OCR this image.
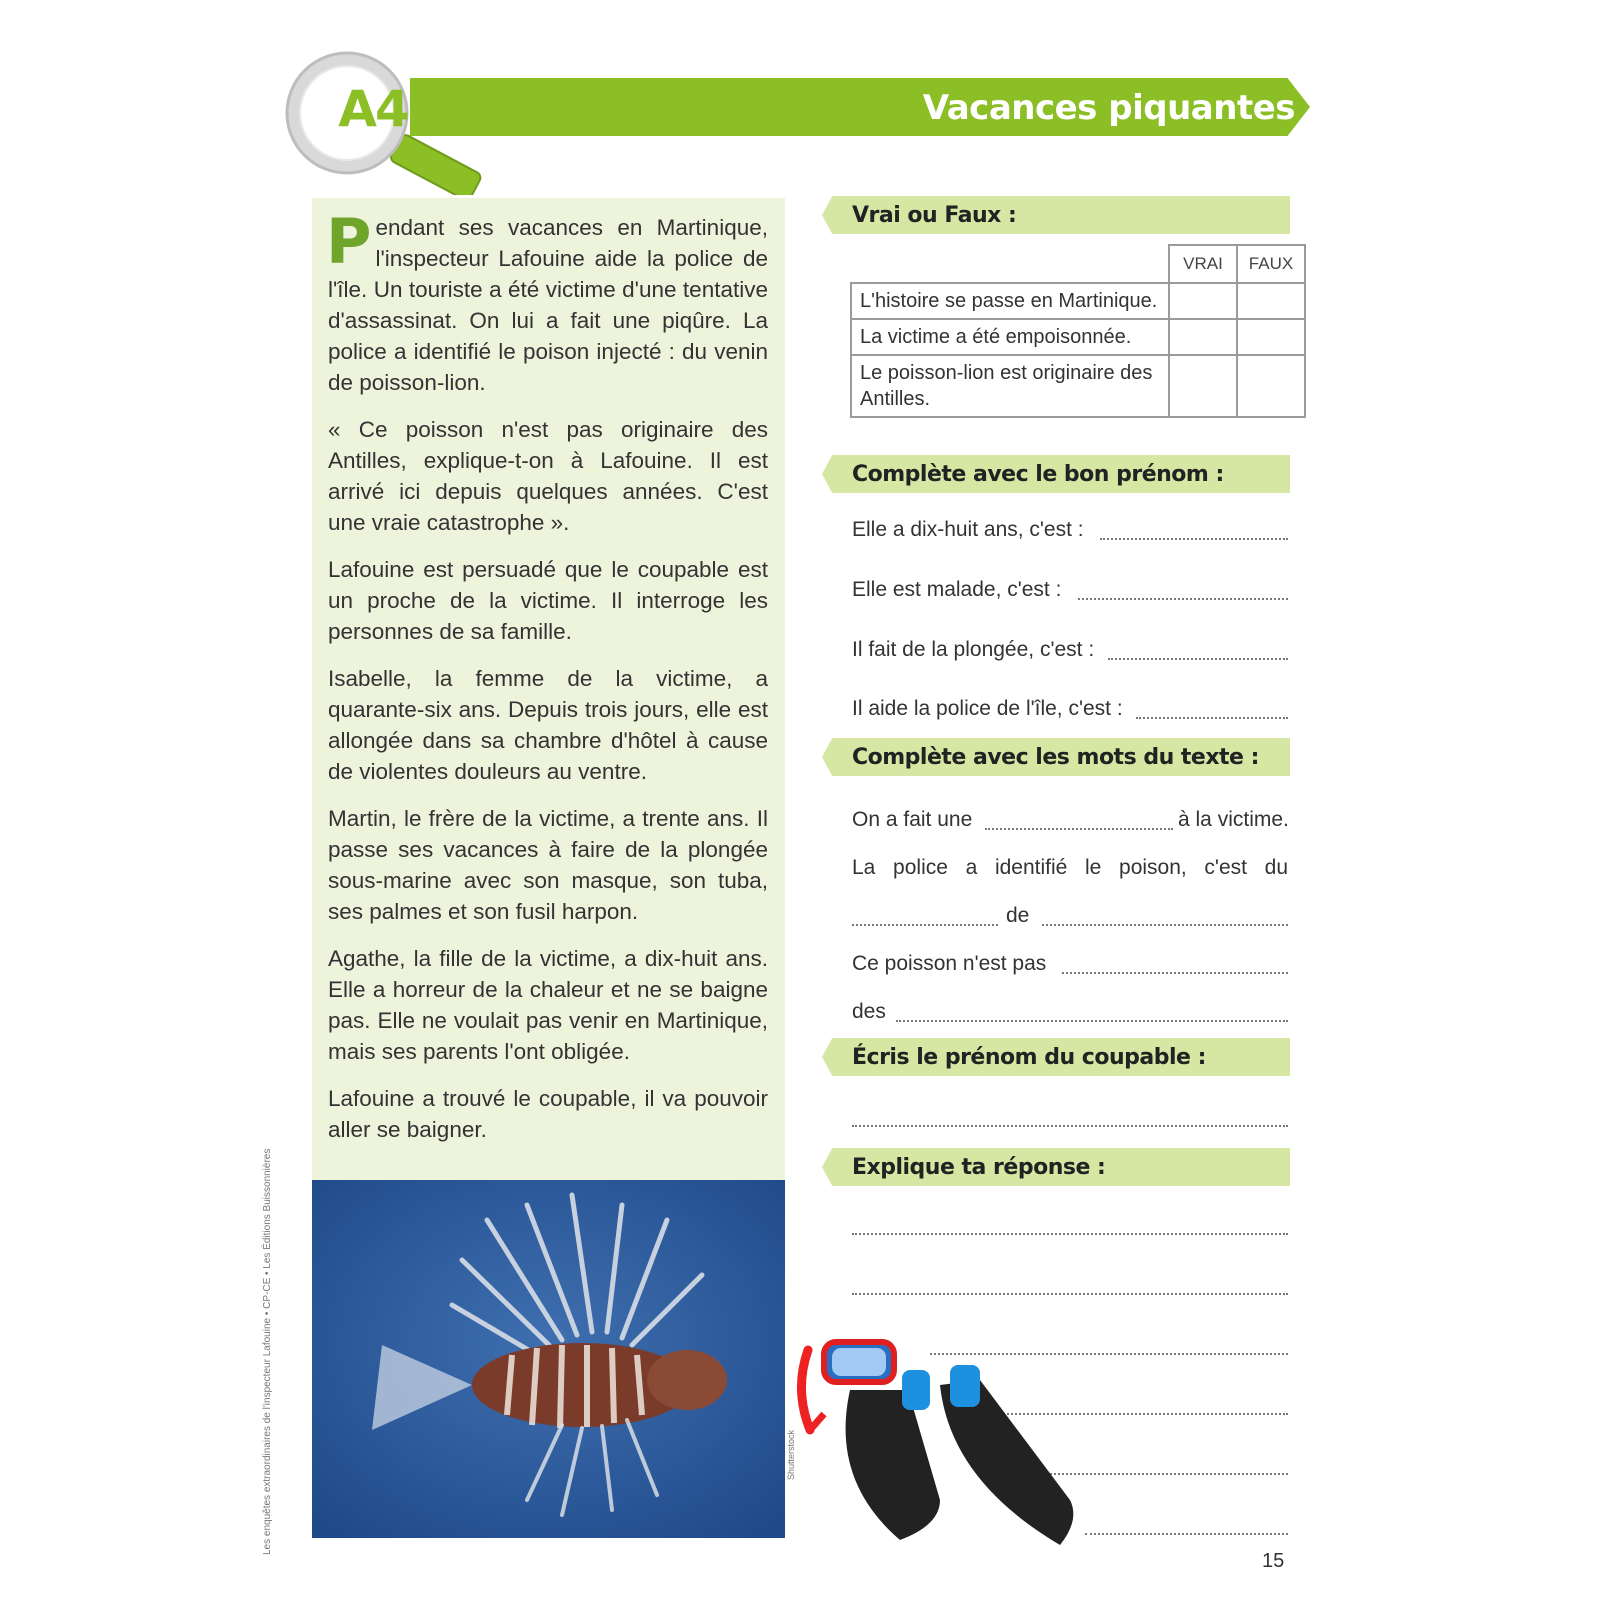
Vacances piquantes
A4

Pendant ses vacances en Martinique, l'inspecteur Lafouine aide la police de l'île. Un touriste a été victime d'une tentative d'assassinat. On lui a fait une piqûre. La police a identifié le poison injecté : du venin de poisson-lion.

« Ce poisson n'est pas originaire des Antilles, explique-t-on à Lafouine. Il est arrivé ici depuis quelques années. C'est une vraie catastrophe ».

Lafouine est persuadé que le coupable est un proche de la victime. Il interroge les personnes de sa famille.

Isabelle, la femme de la victime, a quarante-six ans. Depuis trois jours, elle est allongée dans sa chambre d'hôtel à cause de violentes douleurs au ventre.

Martin, le frère de la victime, a trente ans. Il passe ses vacances à faire de la plongée sous-marine avec son masque, son tuba, ses palmes et son fusil harpon.

Agathe, la fille de la victime, a dix-huit ans. Elle a horreur de la chaleur et ne se baigne pas. Elle ne voulait pas venir en Martinique, mais ses parents l'ont obligée.

Lafouine a trouvé le coupable, il va pouvoir aller se baigner.

Les enquêtes extraordinaires de l'inspecteur Lafouine • CP-CE • Les Éditions Buissonnières	Shutterstock
Vrai ou Faux :
	VRAI	FAUX
L'histoire se passe en Martinique.		
La victime a été empoisonnée.		
Le poisson-lion est originaire des Antilles.		
Complète avec le bon prénom :
Elle a dix-huit ans, c'est :
Elle est malade, c'est :
Il fait de la plongée, c'est :
Il aide la police de l'île, c'est :
Complète avec les mots du texte :
On a fait une	à la victime.
La police a identifié le poison, c'est du
de
Ce poisson n'est pas
des
Écris le prénom du coupable :
Explique ta réponse :
15
